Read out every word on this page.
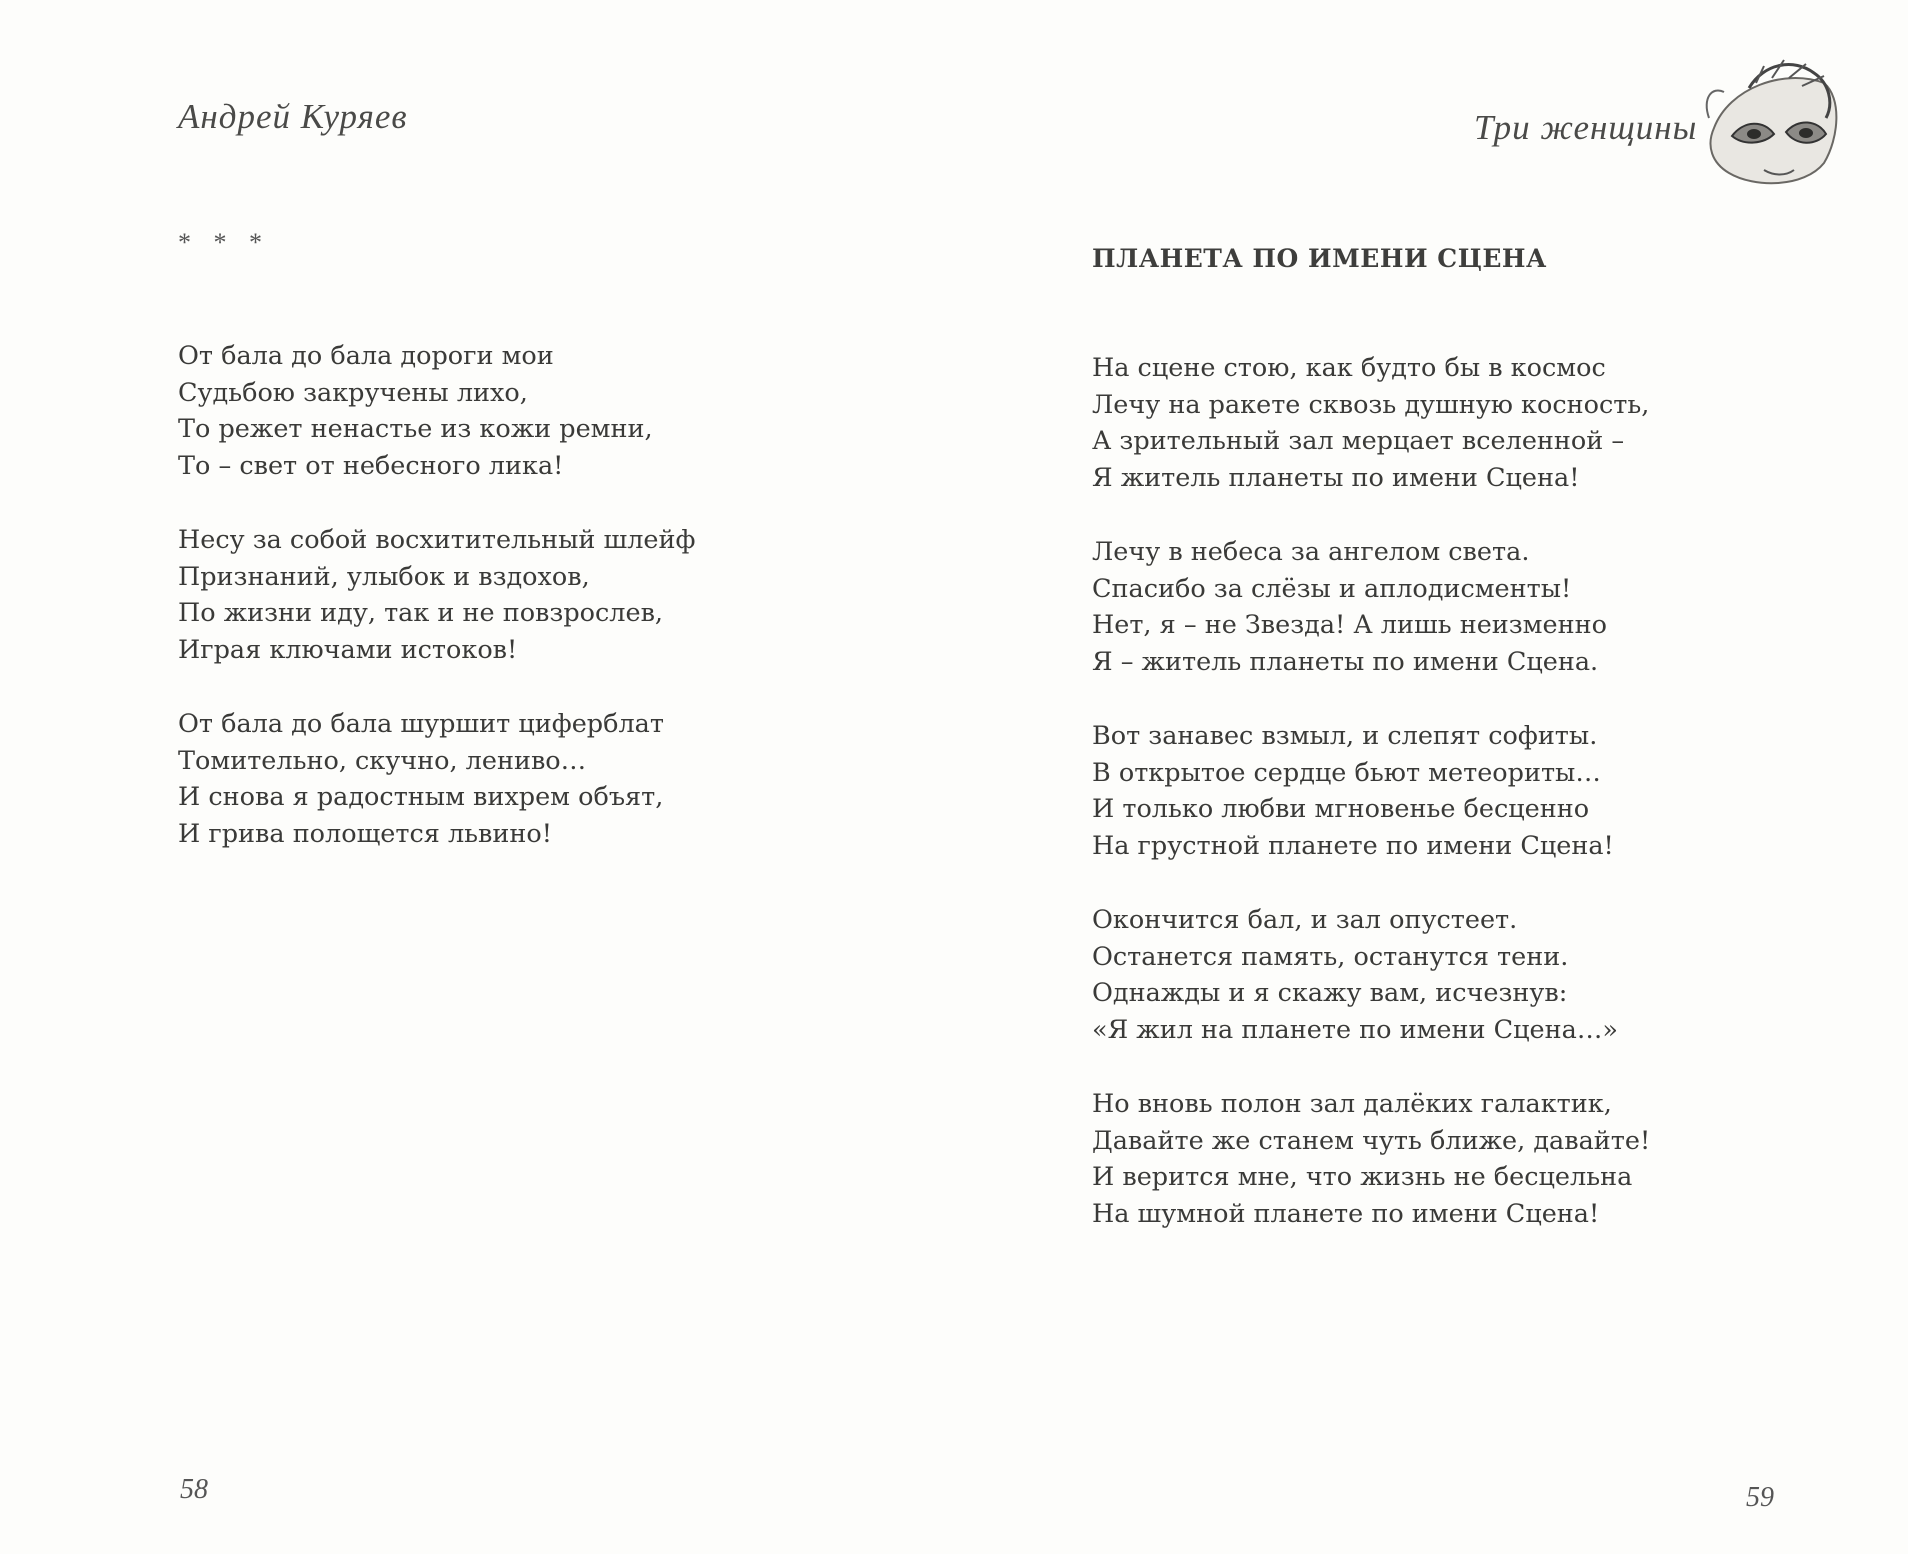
Андрей Куряев
* * *
От бала до бала дороги мои
Судьбою закручены лихо,
То режет ненастье из кожи ремни,
То – свет от небесного лика!
Несу за собой восхитительный шлейф
Признаний, улыбок и вздохов,
По жизни иду, так и не повзрослев,
Играя ключами истоков!
От бала до бала шуршит циферблат
Томительно, скучно, лениво…
И снова я радостным вихрем объят,
И грива полощется львино!
58
Три женщины
ПЛАНЕТА ПО ИМЕНИ СЦЕНА
На сцене стою, как будто бы в космос
Лечу на ракете сквозь душную косность,
А зрительный зал мерцает вселенной –
Я житель планеты по имени Сцена!
Лечу в небеса за ангелом света.
Спасибо за слёзы и аплодисменты!
Нет, я – не Звезда! А лишь неизменно
Я – житель планеты по имени Сцена.
Вот занавес взмыл, и слепят софиты.
В открытое сердце бьют метеориты…
И только любви мгновенье бесценно
На грустной планете по имени Сцена!
Окончится бал, и зал опустеет.
Останется память, останутся тени.
Однажды и я скажу вам, исчезнув:
«Я жил на планете по имени Сцена…»
Но вновь полон зал далёких галактик,
Давайте же станем чуть ближе, давайте!
И верится мне, что жизнь не бесцельна
На шумной планете по имени Сцена!
59
